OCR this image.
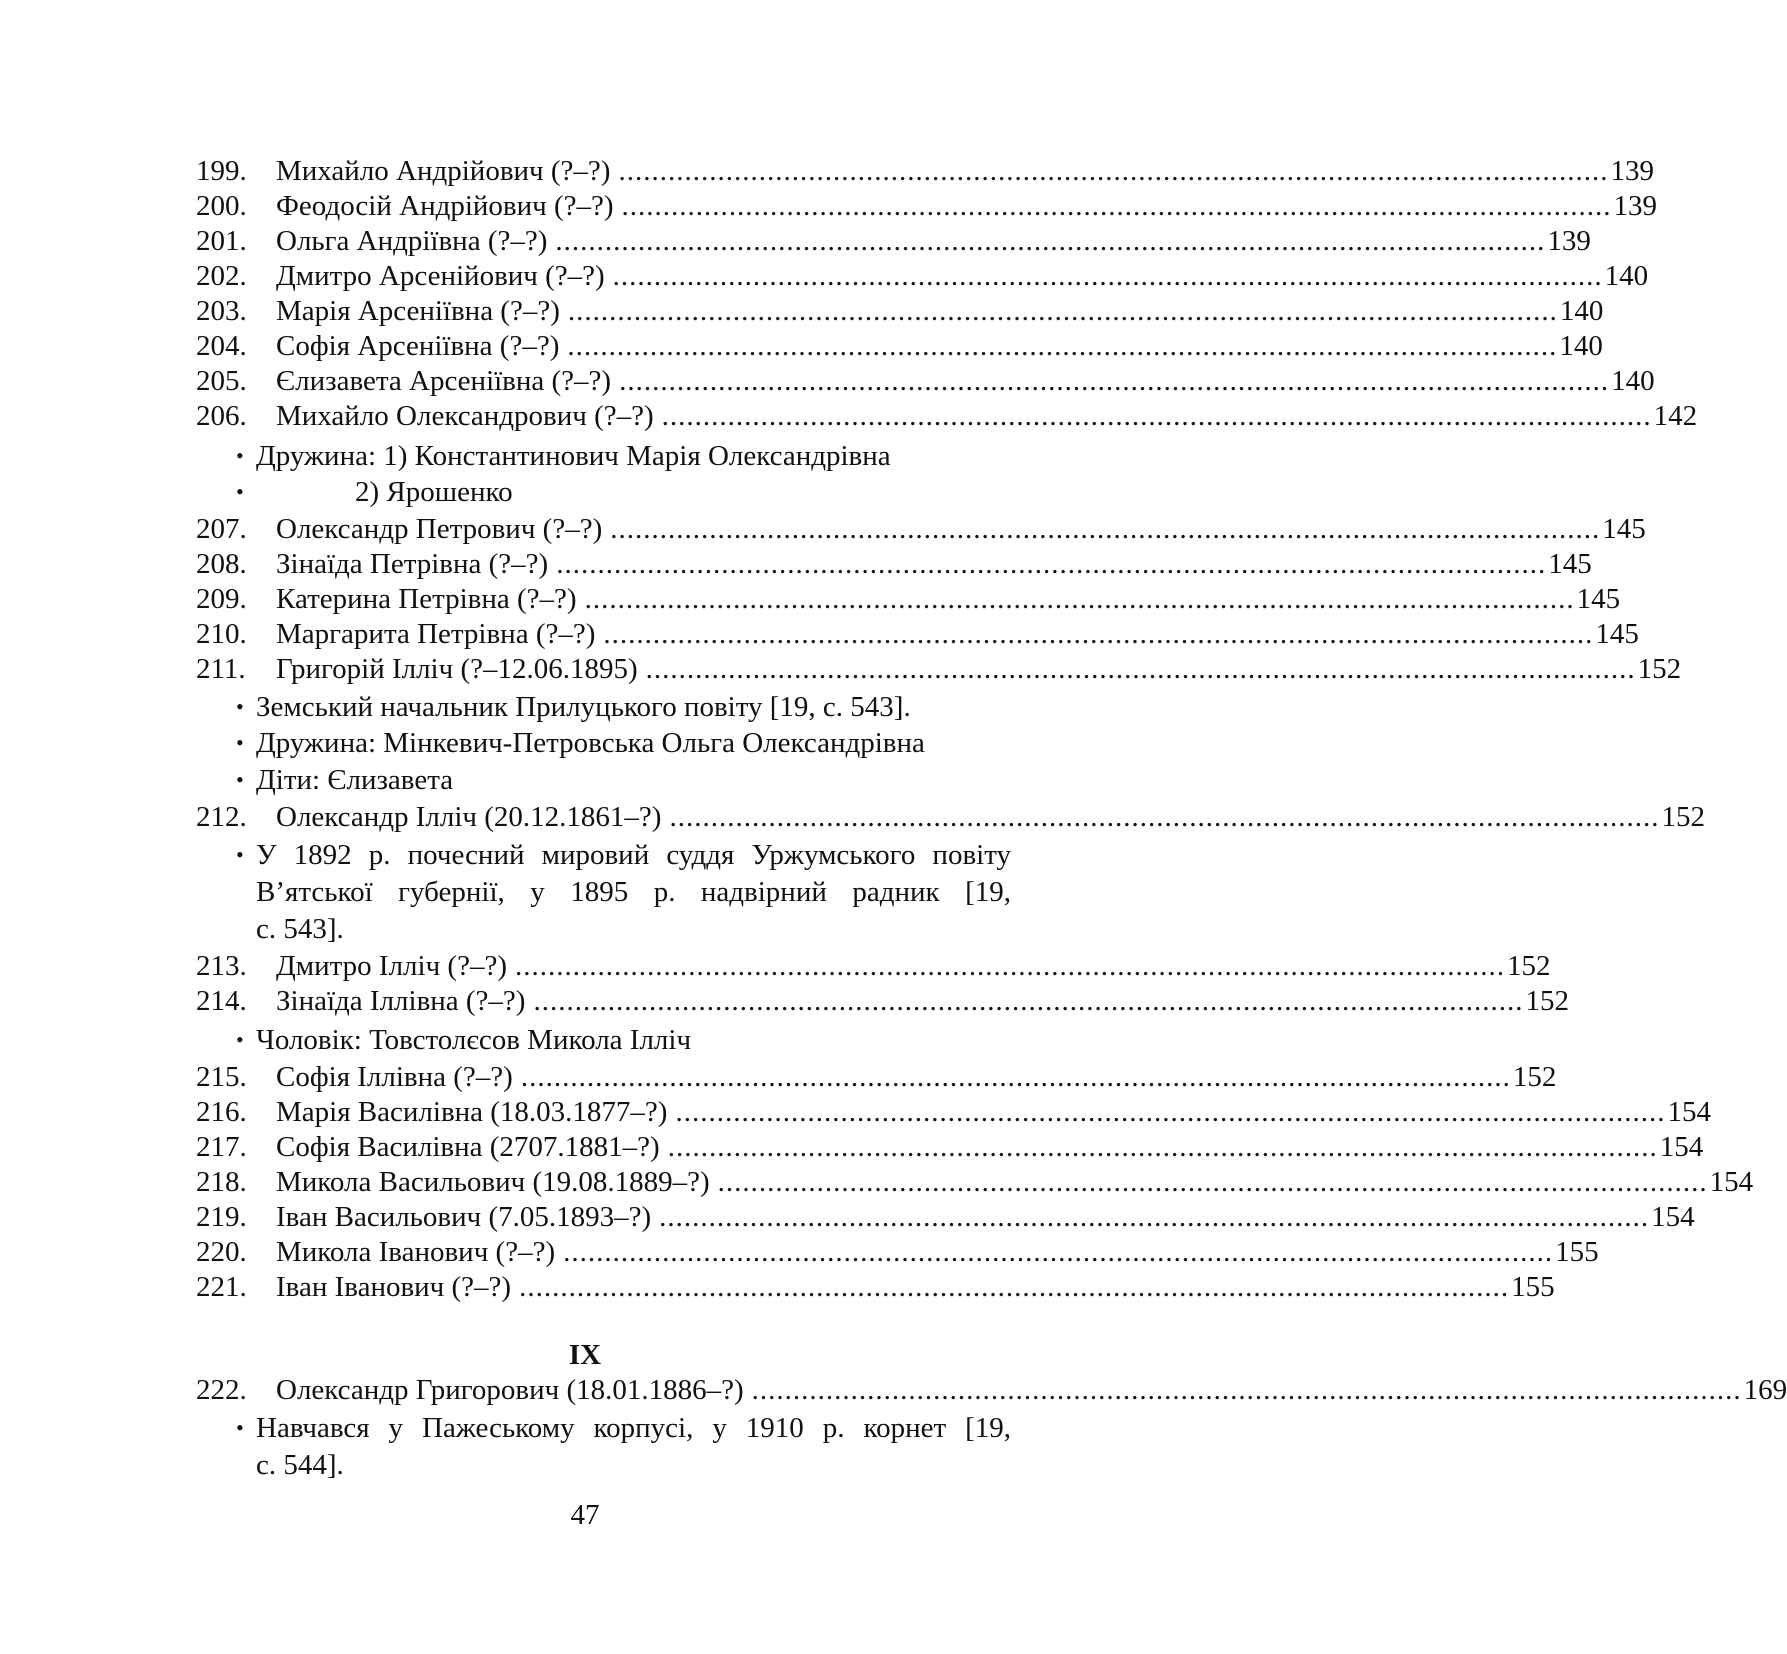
199.	Михайло Андрійович (?–?) ........................................................................................................................ 139
200.	Феодосій Андрійович (?–?) ........................................................................................................................ 139
201.	Ольга Андріївна (?–?) ........................................................................................................................ 139
202.	Дмитро Арсенійович (?–?) ........................................................................................................................ 140
203.	Марія Арсеніївна (?–?) ........................................................................................................................ 140
204.	Софія Арсеніївна (?–?) ........................................................................................................................ 140
205.	Єлизавета Арсеніївна (?–?) ........................................................................................................................ 140
206.	Михайло Олександрович (?–?) ........................................................................................................................ 142
• Дружина: 1) Константинович Марія Олександрівна
•	2) Ярошенко
207.	Олександр Петрович (?–?) ........................................................................................................................ 145
208.	Зінаїда Петрівна (?–?) ........................................................................................................................ 145
209.	Катерина Петрівна (?–?) ........................................................................................................................ 145
210.	Маргарита Петрівна (?–?) ........................................................................................................................ 145
211.	Григорій Ілліч (?–12.06.1895) ........................................................................................................................ 152
• Земський начальник Прилуцького повіту [19, с. 543].
• Дружина: Мінкевич-Петровська Ольга Олександрівна
• Діти: Єлизавета
212.	Олександр Ілліч (20.12.1861–?) ........................................................................................................................ 152
• У 1892 р. почесний мировий суддя Уржумського повіту
В’ятської губернії, у 1895 р. надвірний радник [19,
с. 543].
213.	Дмитро Ілліч (?–?) ........................................................................................................................ 152
214.	Зінаїда Іллівна (?–?) ........................................................................................................................ 152
• Чоловік: Товстолєсов Микола Ілліч
215.	Софія Іллівна (?–?) ........................................................................................................................ 152
216.	Марія Василівна (18.03.1877–?) ........................................................................................................................ 154
217.	Софія Василівна (2707.1881–?) ........................................................................................................................ 154
218.	Микола Васильович (19.08.1889–?) ........................................................................................................................ 154
219.	Іван Васильович (7.05.1893–?) ........................................................................................................................ 154
220.	Микола Іванович (?–?) ........................................................................................................................ 155
221.	Іван Іванович (?–?) ........................................................................................................................ 155
IX
222.	Олександр Григорович (18.01.1886–?) ........................................................................................................................ 169
• Навчався у Пажеському корпусі, у 1910 р. корнет [19,
с. 544].
47
